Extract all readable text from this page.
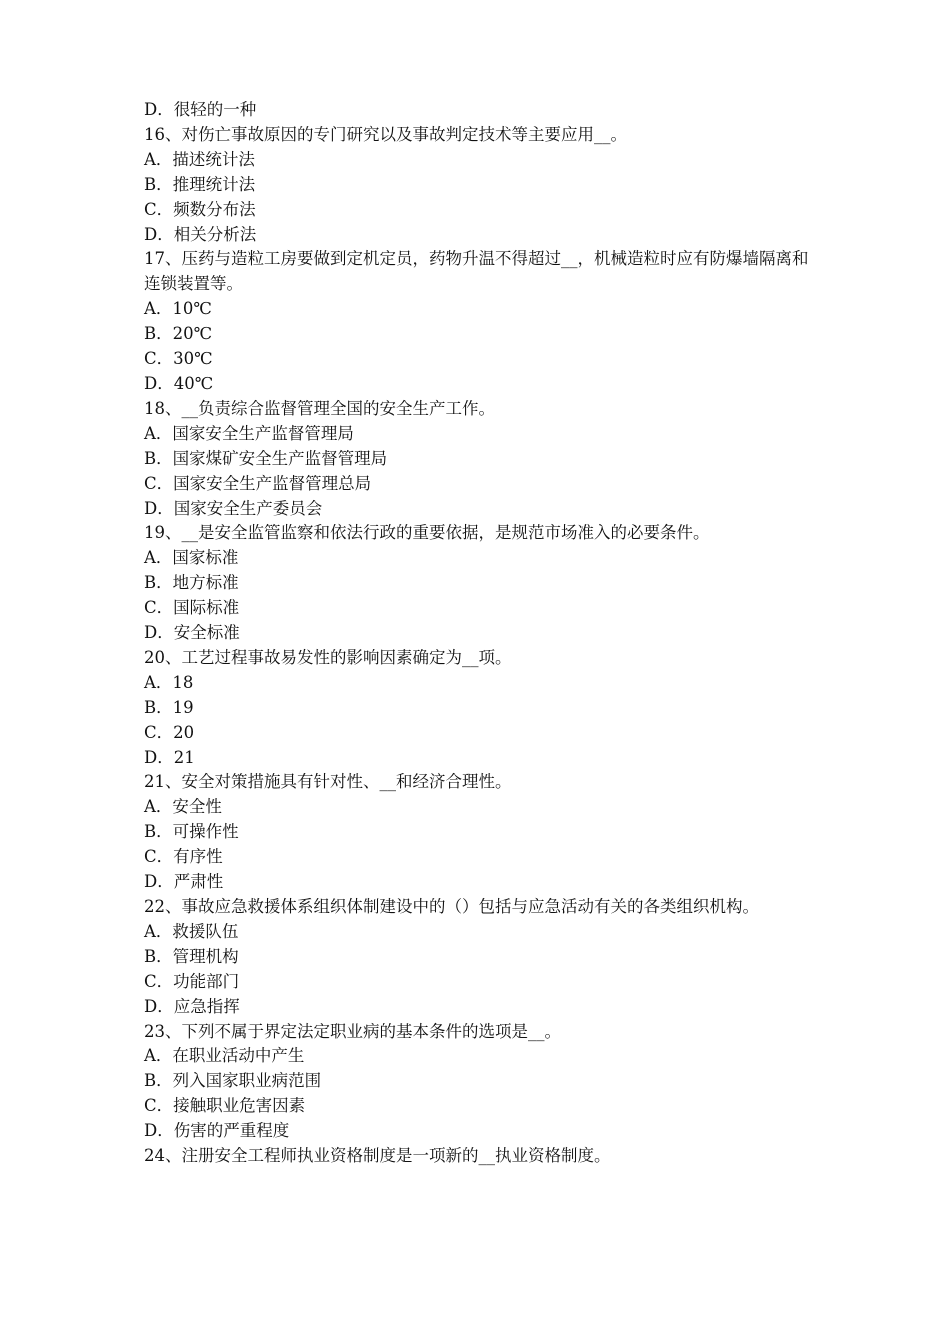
D．很轻的一种

16、对伤亡事故原因的专门研究以及事故判定技术等主要应用__。

A．描述统计法

B．推理统计法

C．频数分布法

D．相关分析法

17、压药与造粒工房要做到定机定员，药物升温不得超过__，机械造粒时应有防爆墙隔离和连锁装置等。

A．10℃

B．20℃

C．30℃

D．40℃

18、__负责综合监督管理全国的安全生产工作。

A．国家安全生产监督管理局

B．国家煤矿安全生产监督管理局

C．国家安全生产监督管理总局

D．国家安全生产委员会

19、__是安全监管监察和依法行政的重要依据，是规范市场准入的必要条件。

A．国家标准

B．地方标准

C．国际标准

D．安全标准

20、工艺过程事故易发性的影响因素确定为__项。

A．18

B．19

C．20

D．21

21、安全对策措施具有针对性、__和经济合理性。

A．安全性

B．可操作性

C．有序性

D．严肃性

22、事故应急救援体系组织体制建设中的（）包括与应急活动有关的各类组织机构。

A．救援队伍

B．管理机构

C．功能部门

D．应急指挥

23、下列不属于界定法定职业病的基本条件的选项是__。

A．在职业活动中产生

B．列入国家职业病范围

C．接触职业危害因素

D．伤害的严重程度

24、注册安全工程师执业资格制度是一项新的__执业资格制度。
